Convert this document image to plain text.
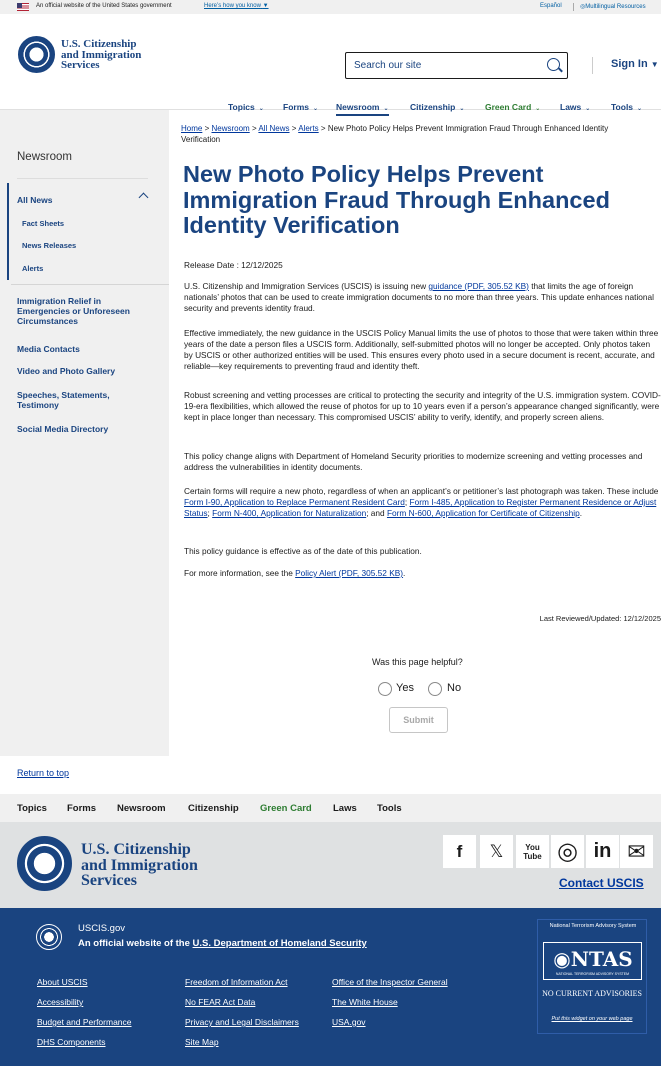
An official website of the United States government	Here’s how you know ▼	Español	◎Multilingual Resources
U.S. Citizenship
and Immigration
Services	Search our site	Sign In ▼
Topics ⌄ Forms ⌄ Newsroom ⌄	Citizenship ⌄ Green Card ⌄ Laws ⌄ Tools ⌄
Newsroom
All News
Fact Sheets
News Releases
Alerts
Immigration Relief in Emergencies or Unforeseen Circumstances
Media Contacts
Video and Photo Gallery
Speeches, Statements, Testimony
Social Media Directory
Home > Newsroom > All News > Alerts > New Photo Policy Helps Prevent Immigration Fraud Through Enhanced Identity Verification
New Photo Policy Helps Prevent Immigration Fraud Through Enhanced Identity Verification
Release Date : 12/12/2025
U.S. Citizenship and Immigration Services (USCIS) is issuing new guidance (PDF, 305.52 KB) that limits the age of foreign nationals’ photos that can be used to create immigration documents to no more than three years. This update enhances national security and prevents identity fraud.
Effective immediately, the new guidance in the USCIS Policy Manual limits the use of photos to those that were taken within three years of the date a person files a USCIS form. Additionally, self-submitted photos will no longer be accepted. Only photos taken by USCIS or other authorized entities will be used. This ensures every photo used in a secure document is recent, accurate, and reliable—key requirements to preventing fraud and identity theft.
Robust screening and vetting processes are critical to protecting the security and integrity of the U.S. immigration system. COVID-19-era flexibilities, which allowed the reuse of photos for up to 10 years even if a person’s appearance changed significantly, were kept in place longer than necessary. This compromised USCIS’ ability to verify, identify, and properly screen aliens.
This policy change aligns with Department of Homeland Security priorities to modernize screening and vetting processes and address the vulnerabilities in identity documents.
Certain forms will require a new photo, regardless of when an applicant’s or petitioner’s last photograph was taken. These include Form I-90, Application to Replace Permanent Resident Card; Form I-485, Application to Register Permanent Residence or Adjust Status; Form N-400, Application for Naturalization; and Form N-600, Application for Certificate of Citizenship.
This policy guidance is effective as of the date of this publication.
For more information, see the Policy Alert (PDF, 305.52 KB).
Last Reviewed/Updated: 12/12/2025
Was this page helpful?
Yes	No
Submit
Return to top
Topics Forms Newsroom Citizenship Green Card Laws Tools
U.S. Citizenship
and Immigration
Services
f	𝕏	You
Tube ◎ in ✉
Contact USCIS
USCIS.gov
An official website of the U.S. Department of Homeland Security
About USCIS
Accessibility
Budget and Performance
DHS Components
Freedom of Information Act
No FEAR Act Data
Privacy and Legal Disclaimers
Site Map
Office of the Inspector General
The White House
USA.gov
National Terrorism Advisory System
◉NTAS
NATIONAL TERRORISM ADVISORY SYSTEM
NO CURRENT ADVISORIES
Put this widget on your web page
